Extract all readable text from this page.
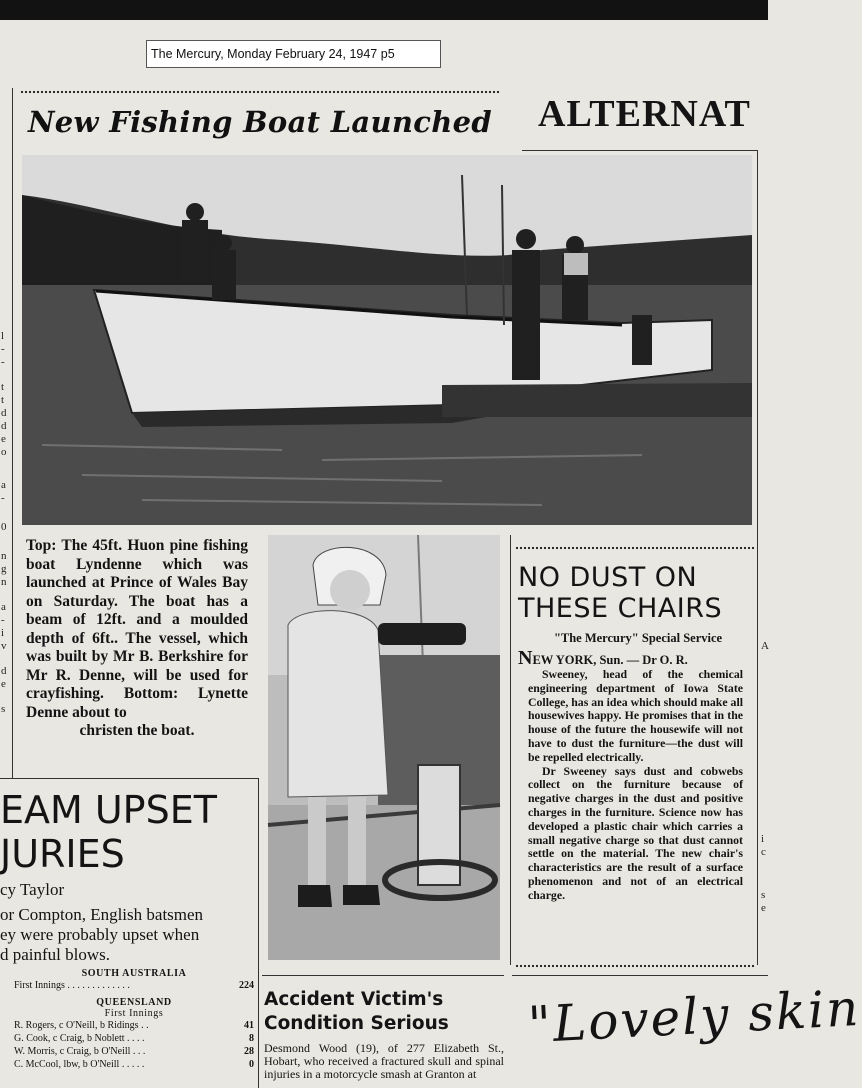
The Mercury, Monday February 24, 1947 p5
New Fishing Boat Launched ALTERNAT
Top: The 45ft. Huon pine fishing boat Lyndenne which was launched at Prince of Wales Bay on Saturday. The boat has a beam of 12ft. and a moulded depth of 6ft.. The vessel, which was built by Mr B. Berkshire for Mr R. Denne, will be used for crayfishing. Bottom: Lynette Denne about to
christen the boat.
NO DUST ON
THESE CHAIRS
"The Mercury" Special Service
NEW YORK, Sun. — Dr O. R.

Sweeney, head of the chemical engineering department of Iowa State College, has an idea which should make all housewives happy. He promises that in the house of the future the housewife will not have to dust the furniture—the dust will be repelled electrically.

Dr Sweeney says dust and cobwebs collect on the furniture because of negative charges in the dust and positive charges in the furniture. Science now has developed a plastic chair which carries a small negative charge so that dust cannot settle on the material. The new chair's characteristics are the result of a surface phenomenon and not of an electrical charge.

EAM UPSET
JURIES
cy Taylor
or Compton, English batsmen
ey were probably upset when
d painful blows.
SOUTH AUSTRALIA
First Innings . . . . . . . . . . . . .	224
QUEENSLAND
First Innings
R. Rogers, c O'Neill, b Ridings . .	41
G. Cook, c Craig, b Noblett . . . .	8
W. Morris, c Craig, b O'Neill . . .	28
C. McCool, lbw, b O'Neill . . . . .	0
Accident Victim's
Condition Serious
Desmond Wood (19), of 277 Elizabeth St., Hobart, who received a fractured skull and spinal injuries in a motorcycle smash at Granton at
"Lovely skin
l
-
-
t
t
d
d
e
o
a
-
0
n
g
n
a
-
i
v
d
e
s
A
i
c
s
e
